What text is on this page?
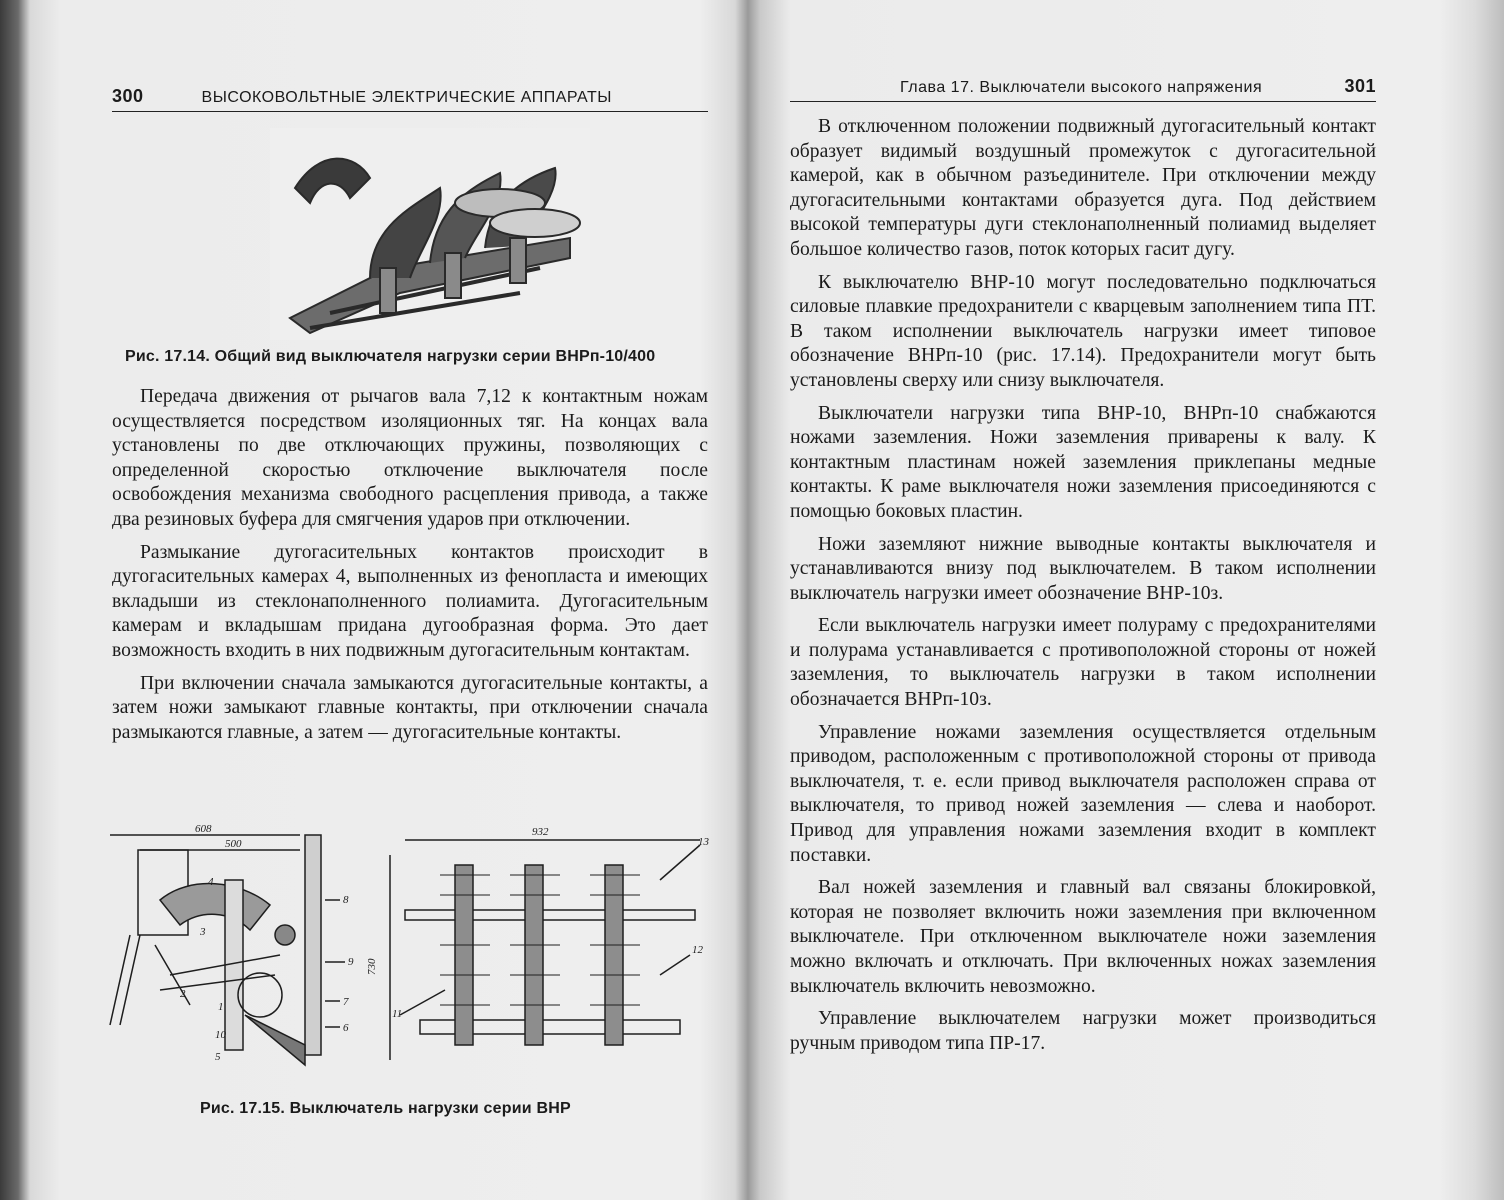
300	ВЫСОКОВОЛЬТНЫЕ ЭЛЕКТРИЧЕСКИЕ АППАРАТЫ
Рис. 17.14. Общий вид выключателя нагрузки серии ВНРп-10/400

Передача движения от рычагов вала 7,12 к контактным ножам осуществляется посредством изоляционных тяг. На концах вала установлены по две отключающих пружины, позволяющих с определенной скоростью отключение выключателя после освобождения механизма свободного расцепления привода, а также два резиновых буфера для смягчения ударов при отключении.

Размыкание дугогасительных контактов происходит в дугогасительных камерах 4, выполненных из фенопласта и имеющих вкладыши из стеклонаполненного полиамита. Дугогасительным камерам и вкладышам придана дугообразная форма. Это дает возможность входить в них подвижным дугогасительным контактам.

При включении сначала замыкаются дугогасительные контакты, а затем ножи замыкают главные контакты, при отключении сначала размыкаются главные, а затем — дугогасительные контакты.

608
500
4
3
2
1
10
5
8
9
7
6
932
730
13
12
11
Рис. 17.15. Выключатель нагрузки серии ВНР
Глава 17. Выключатели высокого напряжения	301

В отключенном положении подвижный дугогасительный контакт образует видимый воздушный промежуток с дугогасительной камерой, как в обычном разъединителе. При отключении между дугогасительными контактами образуется дуга. Под действием высокой температуры дуги стеклонаполненный полиамид выделяет большое количество газов, поток которых гасит дугу.

К выключателю ВНР-10 могут последовательно подключаться силовые плавкие предохранители с кварцевым заполнением типа ПТ. В таком исполнении выключатель нагрузки имеет типовое обозначение ВНРп-10 (рис. 17.14). Предохранители могут быть установлены сверху или снизу выключателя.

Выключатели нагрузки типа ВНР-10, ВНРп-10 снабжаются ножами заземления. Ножи заземления приварены к валу. К контактным пластинам ножей заземления приклепаны медные контакты. К раме выключателя ножи заземления присоединяются с помощью боковых пластин.

Ножи заземляют нижние выводные контакты выключателя и устанавливаются внизу под выключателем. В таком исполнении выключатель нагрузки имеет обозначение ВНР-10з.

Если выключатель нагрузки имеет полураму с предохранителями и полурама устанавливается с противоположной стороны от ножей заземления, то выключатель нагрузки в таком исполнении обозначается ВНРп-10з.

Управление ножами заземления осуществляется отдельным приводом, расположенным с противоположной стороны от привода выключателя, т. е. если привод выключателя расположен справа от выключателя, то привод ножей заземления — слева и наоборот. Привод для управления ножами заземления входит в комплект поставки.

Вал ножей заземления и главный вал связаны блокировкой, которая не позволяет включить ножи заземления при включенном выключателе. При отключенном выключателе ножи заземления можно включать и отключать. При включенных ножах заземления выключатель включить невозможно.

Управление выключателем нагрузки может производиться ручным приводом типа ПР-17.
